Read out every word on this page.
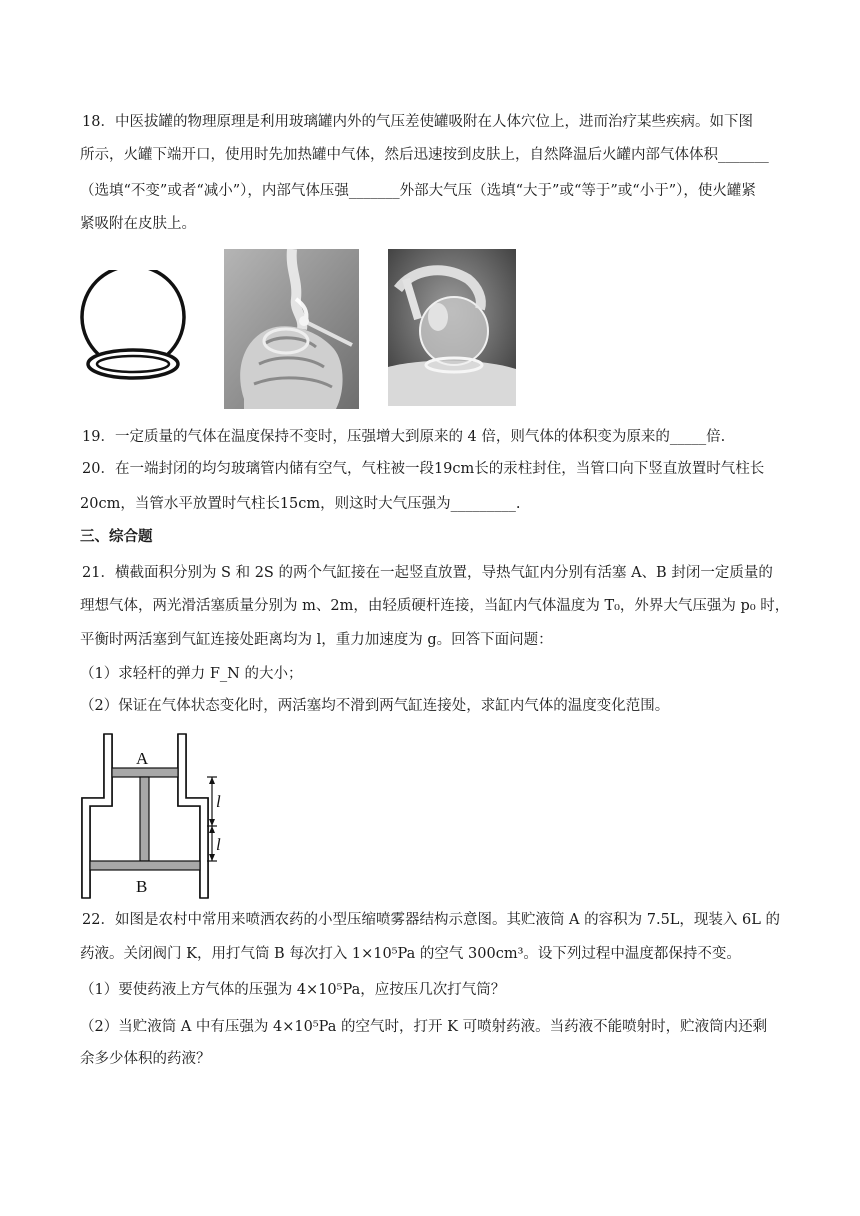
18．中医拔罐的物理原理是利用玻璃罐内外的气压差使罐吸附在人体穴位上，进而治疗某些疾病。如下图
所示，火罐下端开口，使用时先加热罐中气体，然后迅速按到皮肤上，自然降温后火罐内部气体体积_______
（选填“不变”或者“减小”），内部气体压强_______外部大气压（选填“大于”或“等于”或“小于”），使火罐紧
紧吸附在皮肤上。
19．一定质量的气体在温度保持不变时，压强增大到原来的 4 倍，则气体的体积变为原来的_____倍.
20．在一端封闭的均匀玻璃管内储有空气，气柱被一段19cm长的汞柱封住，当管口向下竖直放置时气柱长
20cm，当管水平放置时气柱长15cm，则这时大气压强为_________.
三、综合题
21．横截面积分别为 S 和 2S 的两个气缸接在一起竖直放置，导热气缸内分别有活塞 A、B 封闭一定质量的
理想气体，两光滑活塞质量分别为 m、2m，由轻质硬杆连接，当缸内气体温度为 T₀，外界大气压强为 p₀ 时，
平衡时两活塞到气缸连接处距离均为 l，重力加速度为 g。回答下面问题：
（1）求轻杆的弹力 F_N 的大小；
（2）保证在气体状态变化时，两活塞均不滑到两气缸连接处，求缸内气体的温度变化范围。
A
B
l
l
22．如图是农村中常用来喷洒农药的小型压缩喷雾器结构示意图。其贮液筒 A 的容积为 7.5L，现装入 6L 的
药液。关闭阀门 K，用打气筒 B 每次打入 1×10⁵Pa 的空气 300cm³。设下列过程中温度都保持不变。
（1）要使药液上方气体的压强为 4×10⁵Pa，应按压几次打气筒？
（2）当贮液筒 A 中有压强为 4×10⁵Pa 的空气时，打开 K 可喷射药液。当药液不能喷射时，贮液筒内还剩
余多少体积的药液？
